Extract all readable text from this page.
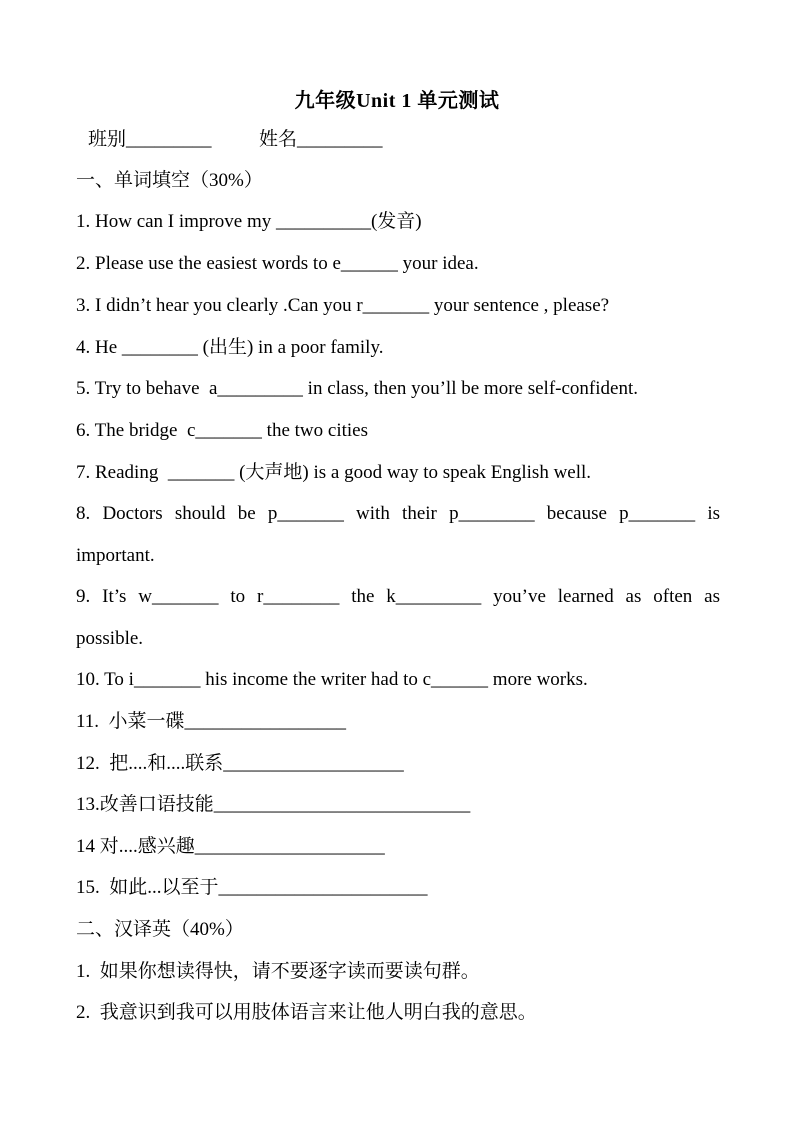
九年级Unit 1 单元测试
班别_________          姓名_________
一、单词填空（30%）
1. How can I improve my __________(发音)
2. Please use the easiest words to e______ your idea.
3. I didn’t hear you clearly .Can you r_______ your sentence , please?
4. He ________ (出生) in a poor family.
5. Try to behave  a_________ in class, then you’ll be more self-confident.
6. The bridge  c_______ the two cities
7. Reading  _______ (大声地) is a good way to speak English well.
8. Doctors should be p_______ with their p________ because p_______ is
important.
9. It’s w_______ to r________ the k_________ you’ve learned as often as
possible.
10. To i_______ his income the writer had to c______ more works.
11.  小菜一碟_________________
12.  把....和....联系___________________
13.改善口语技能___________________________
14 对....感兴趣____________________
15.  如此...以至于______________________
二、汉译英（40%）
1.  如果你想读得快，请不要逐字读而要读句群。
2.  我意识到我可以用肢体语言来让他人明白我的意思。
